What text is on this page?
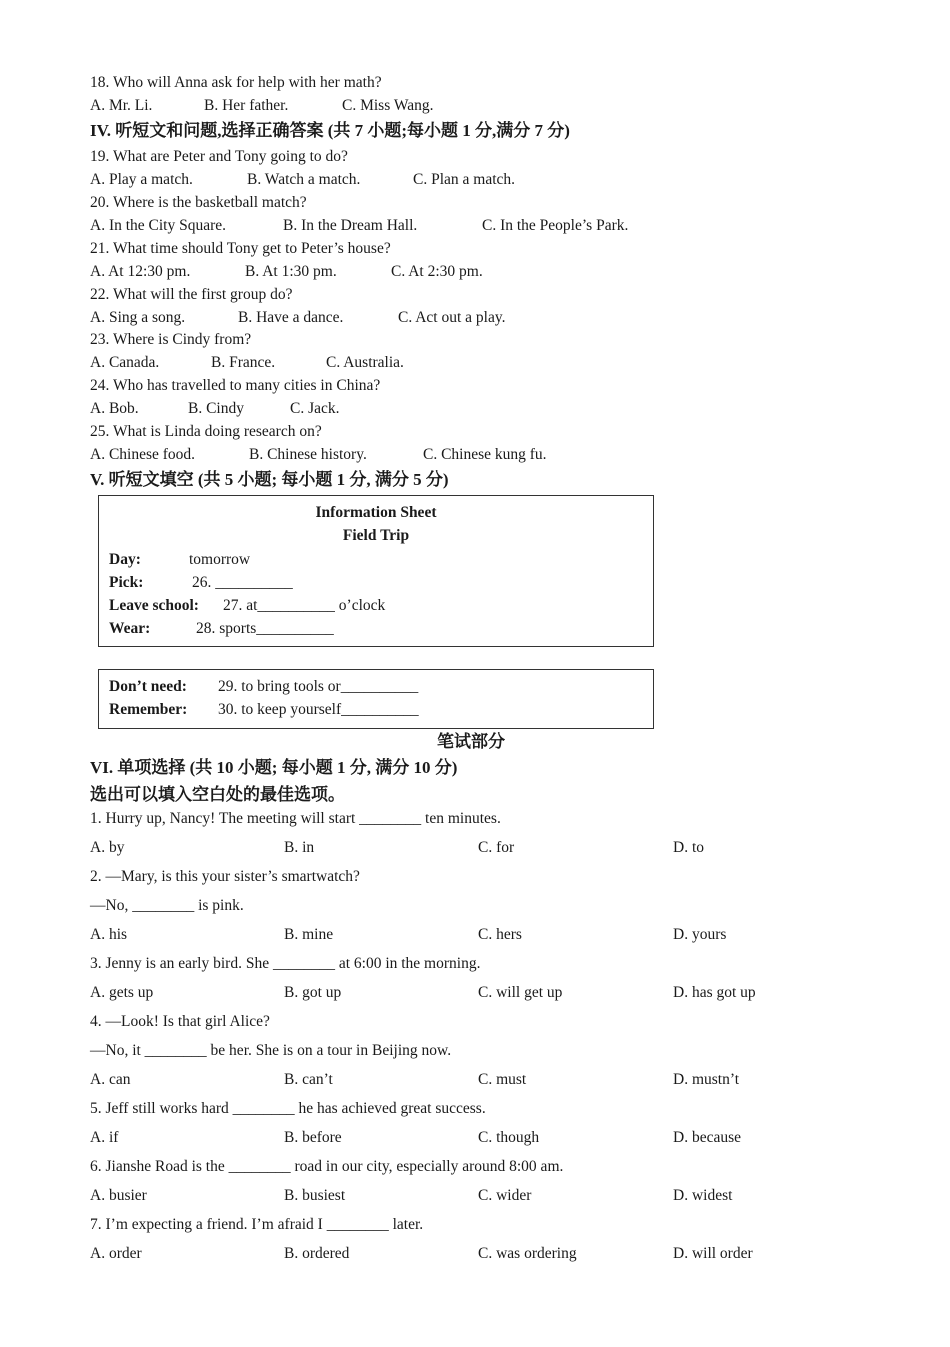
18. Who will Anna ask for help with her math?
A. Mr. Li.	B. Her father.	C. Miss Wang.
IV. 听短文和问题,选择正确答案 (共 7 小题;每小题 1 分,满分 7 分)
19. What are Peter and Tony going to do?
A. Play a match.	B. Watch a match.	C. Plan a match.
20. Where is the basketball match?
A. In the City Square.	B. In the Dream Hall.	C. In the People’s Park.
21. What time should Tony get to Peter’s house?
A. At 12:30 pm.	B. At 1:30 pm.	C. At 2:30 pm.
22. What will the first group do?
A. Sing a song.	B. Have a dance.	C. Act out a play.
23. Where is Cindy from?
A. Canada.	B. France.	C. Australia.
24. Who has travelled to many cities in China?
A. Bob.	B. Cindy	C. Jack.
25. What is Linda doing research on?
A. Chinese food.	B. Chinese history.	C. Chinese kung fu.
V. 听短文填空 (共 5 小题; 每小题 1 分, 满分 5 分)
Information Sheet
Field Trip
Day:	tomorrow
Pick:	26. __________
Leave school: 27. at__________ o’clock
Wear:	28. sports__________
Don’t need: 29. to bring tools or__________
Remember: 30. to keep yourself__________
笔试部分
VI. 单项选择 (共 10 小题; 每小题 1 分, 满分 10 分)
选出可以填入空白处的最佳选项。
1. Hurry up, Nancy! The meeting will start ________ ten minutes.
A. by	B. in	C. for	D. to
2. —Mary, is this your sister’s smartwatch?
—No, ________ is pink.
A. his	B. mine	C. hers	D. yours
3. Jenny is an early bird. She ________ at 6:00 in the morning.
A. gets up	B. got up	C. will get up	D. has got up
4. —Look! Is that girl Alice?
—No, it ________ be her. She is on a tour in Beijing now.
A. can	B. can’t	C. must	D. mustn’t
5. Jeff still works hard ________ he has achieved great success.
A. if	B. before	C. though	D. because
6. Jianshe Road is the ________ road in our city, especially around 8:00 am.
A. busier	B. busiest	C. wider	D. widest
7. I’m expecting a friend. I’m afraid I ________ later.
A. order	B. ordered	C. was ordering	D. will order
